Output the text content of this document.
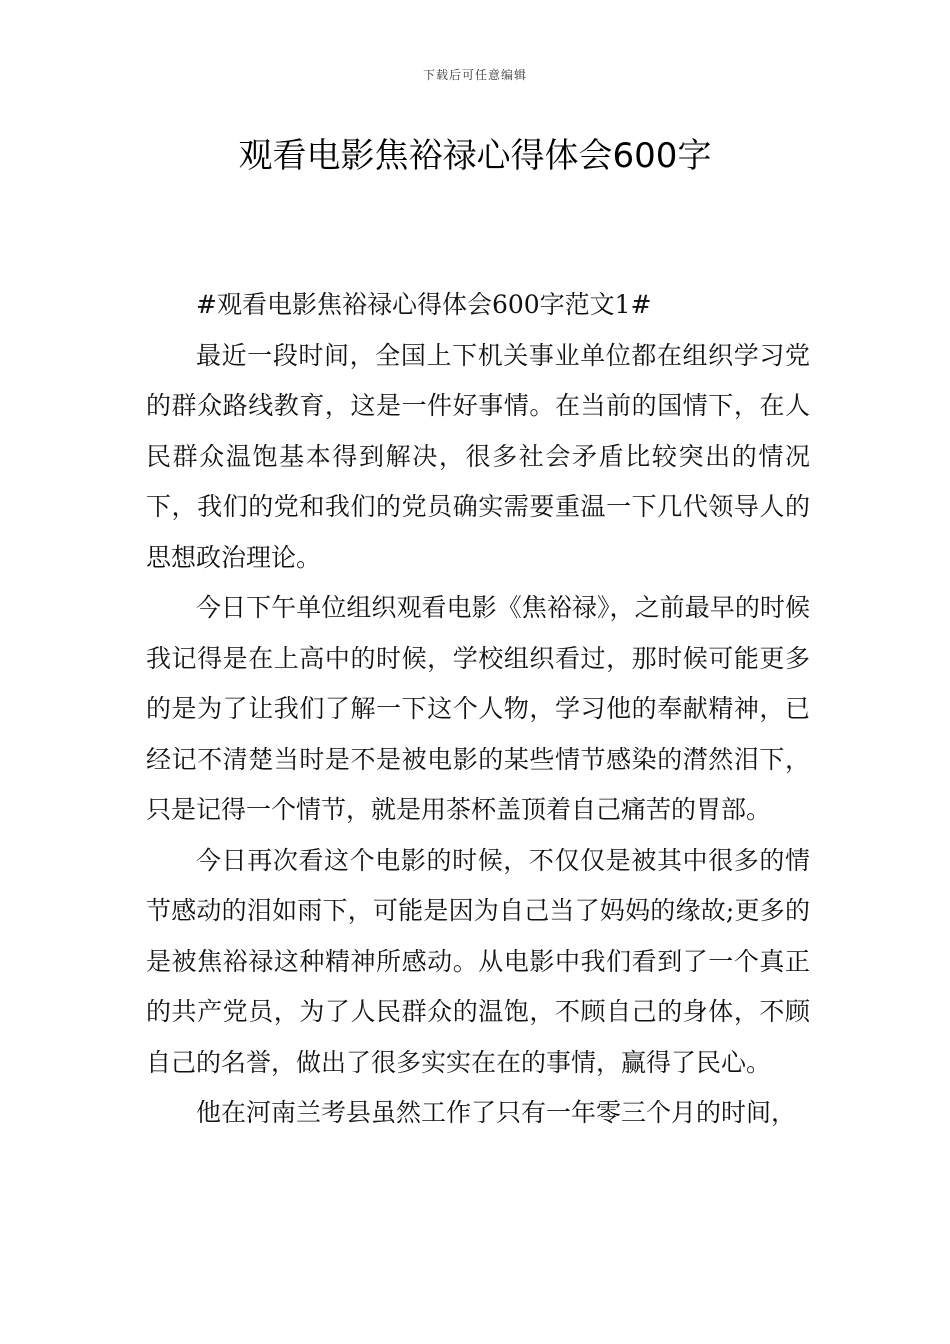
下载后可任意编辑
观看电影焦裕禄心得体会600字

#观看电影焦裕禄心得体会600字范文1#

最近一段时间，全国上下机关事业单位都在组织学习党的群众路线教育，这是一件好事情。在当前的国情下，在人民群众温饱基本得到解决，很多社会矛盾比较突出的情况下，我们的党和我们的党员确实需要重温一下几代领导人的思想政治理论。

今日下午单位组织观看电影《焦裕禄》，之前最早的时候我记得是在上高中的时候，学校组织看过，那时候可能更多的是为了让我们了解一下这个人物，学习他的奉献精神，已经记不清楚当时是不是被电影的某些情节感染的潸然泪下，只是记得一个情节，就是用茶杯盖顶着自己痛苦的胃部。

今日再次看这个电影的时候，不仅仅是被其中很多的情节感动的泪如雨下，可能是因为自己当了妈妈的缘故;更多的是被焦裕禄这种精神所感动。从电影中我们看到了一个真正的共产党员，为了人民群众的温饱，不顾自己的身体，不顾自己的名誉，做出了很多实实在在的事情，赢得了民心。

他在河南兰考县虽然工作了只有一年零三个月的时间，
